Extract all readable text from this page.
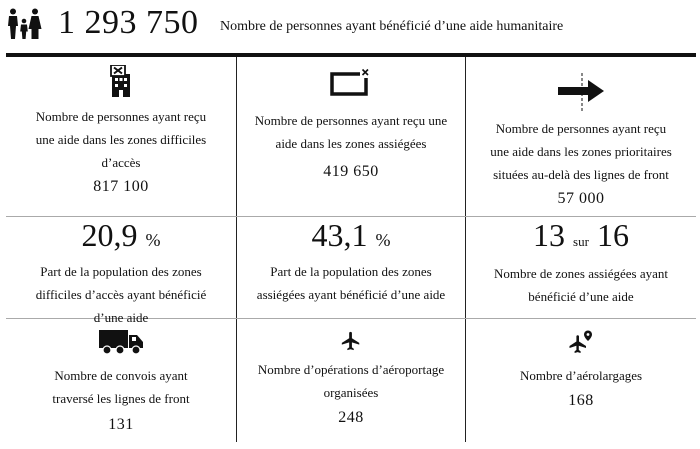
1 293 750 Nombre de personnes ayant bénéficié d’une aide humanitaire
Nombre de personnes ayant reçu une aide dans les zones difficiles d’accès
817 100
Nombre de personnes ayant reçu une aide dans les zones assiégées
419 650
Nombre de personnes ayant reçu une aide dans les zones prioritaires situées au-delà des lignes de front
57 000
20,9 %
Part de la population des zones difficiles d’accès ayant bénéficié d’une aide
43,1 %
Part de la population des zones assiégées ayant bénéficié d’une aide
13 sur 16
Nombre de zones assiégées ayant bénéficié d’une aide
Nombre de convois ayant traversé les lignes de front
131
Nombre d’opérations d’aéroportage organisées
248
Nombre d’aérolargages
168
